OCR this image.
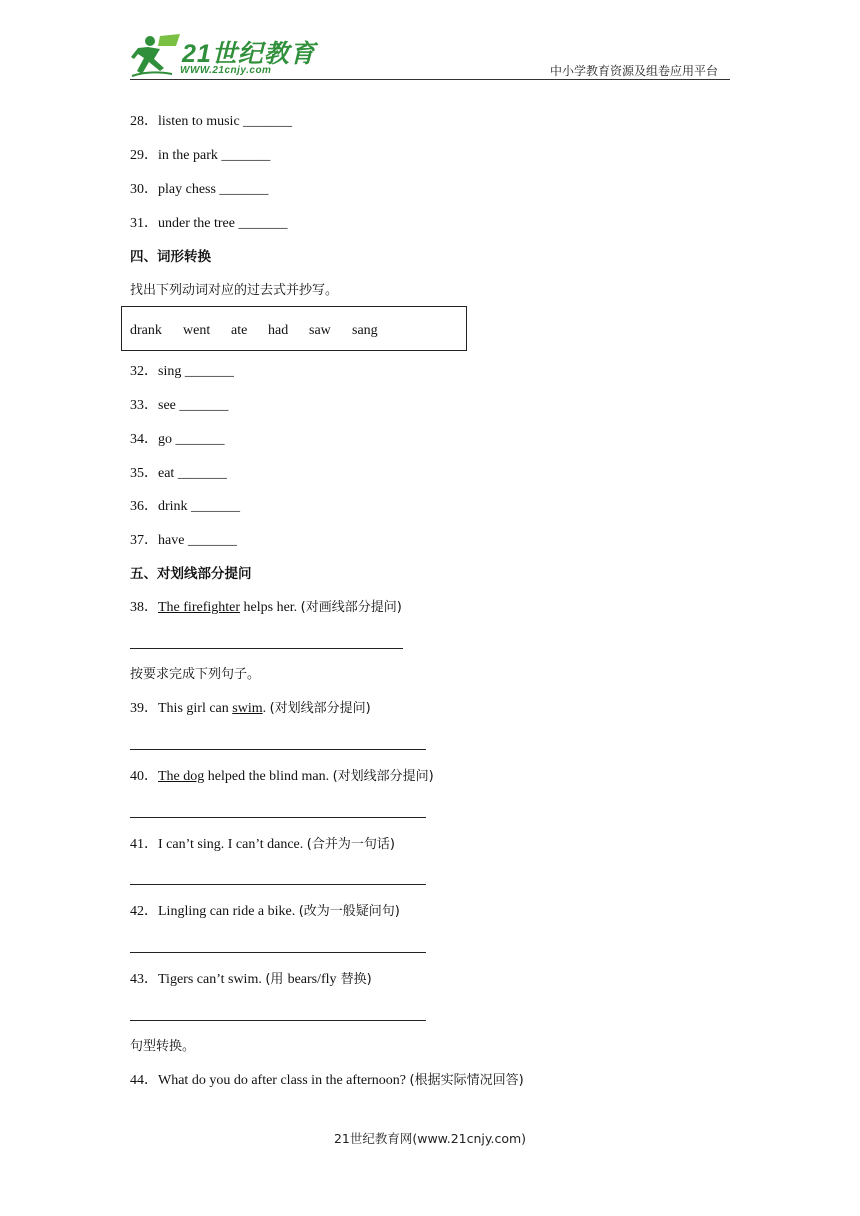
21世纪教育
WWW.21cnjy.com	中小学教育资源及组卷应用平台
28．listen to music _______
29．in the park _______
30．play chess _______
31．under the tree _______
四、词形转换
找出下列动词对应的过去式并抄写。
drank went ate had saw sang
32．sing _______
33．see _______
34．go _______
35．eat _______
36．drink _______
37．have _______
五、对划线部分提问
38．The firefighter helps her. (对画线部分提问)
按要求完成下列句子。
39．This girl can swim. (对划线部分提问)
40．The dog helped the blind man. (对划线部分提问)
41．I can’t sing. I can’t dance. (合并为一句话)
42．Lingling can ride a bike. (改为一般疑问句)
43．Tigers can’t swim. (用 bears/fly 替换)
句型转换。
44．What do you do after class in the afternoon? (根据实际情况回答)
21世纪教育网(www.21cnjy.com)
